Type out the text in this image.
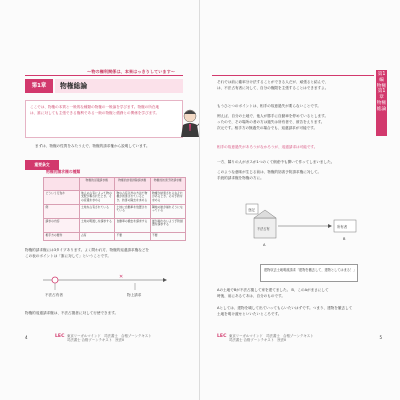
～物の権利関係は、本来はっきりしています～
第1章	物権総論
ここでは、物権の本質と一般的な種類の物権の一般論を学びます。物権の所在地は、誰に対しても主張できる権利である一般の物権と債務との関係を学びます。
まずは、物権の性質をみたうえで、物権的請求権から説明しています。
重要条文
物権的請求権の種類
	物権的返還請求権	物権的妨害排除請求権	物権的妨害予防請求権
どういう行為か	他人の占有によって物の支配が奪われたとき、その返還を求める	物の占有以外の方法で物権が妨害されているとき、妨害の除去を求める	物権が妨害されるおそれがあるとき、その予防を求める
例	土地を占有されている	土地に自動車を放置されている	隣地の崖が崩れそうになっている
請求の内容	土地の明渡しを請求する	自動車の撤去を請求する	崖が崩れないよう予防措置を請求する
相手方の要件	占有	不要	不要
物権的請求権には3タイプあります。よく問われ方、物権的返還請求権などを
この表のポイントは「誰に対して」ということです。
✕
不法占有者	物上請求
物権的返還請求権は、不法占拠者に対して行使できます。
4	LEC 東京リーガルマインド　司法書士　合格ゾーンテキスト
司法書士 合格ゾーンテキスト　民法Ⅱ
第1編 物権 第1章 物権総論
それでは前に確率分け法することができる人だが、頑張ると結んで、
は、不法占有者に対して、自分の権限を主張することはできますよ。
もうひとつのポイントは、相手の故意過失が要らないことです。
例えば、自分の土地で、他人が勝手に自動車を停めているとします。
ったので、その場所の者の方は過失は所有者で、被告をえります。
次元です。相手方の無過失の場合でも、返還請求が可能です。
相手の故意過失があろうがなかろうが、返還請求は可能です。
一方、隣りの人がガスが1つのくて倒産中も開いて作ってしまいました。
このような意味が生じる前は、物権的妨害予防請求権に対して。
手続的請求権を物権の方に。
登記
不法占有	所有者
A
B
建物収去土地明渡請求「建物を撤去して、建物としてはまる！」
Aの土地でBが不法占拠して家を建てました。 B、このAがまさにして
時後、前にあるてあは、自分のものです。
Aとしては、建物を壊して出ていってもらいたいはずです。つまり、建物を撤去して
土地を明け渡せといいたいところです。
LEC 東京リーガルマインド　司法書士　合格ゾーンテキスト
司法書士 合格ゾーンテキスト　民法Ⅱ	5
